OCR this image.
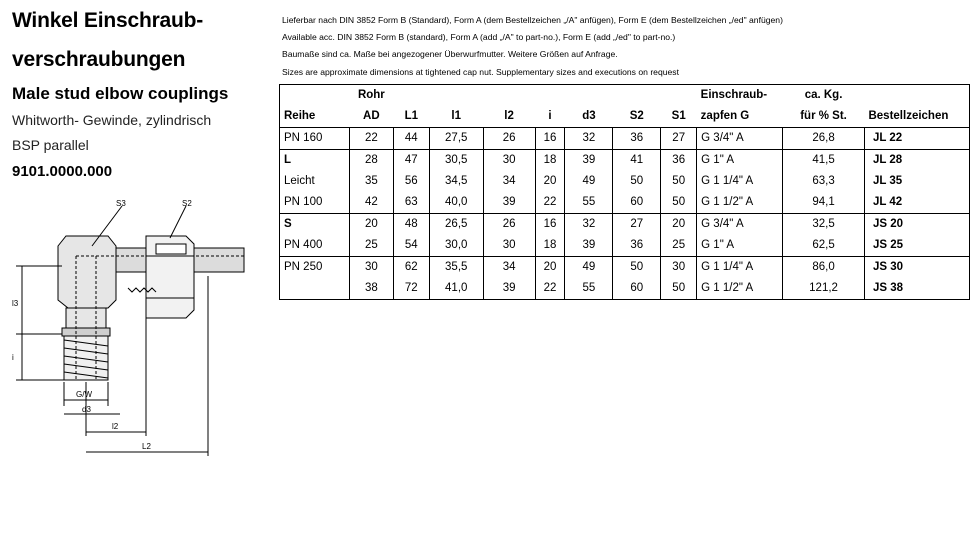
Winkel Einschraub-
verschraubungen
Male stud elbow couplings
Whitworth- Gewinde, zylindrisch
BSP parallel
9101.0000.000
S3	S2
l3
i
G/W
d3
l2
L2
Lieferbar nach DIN 3852 Form B (Standard), Form A (dem Bestellzeichen „/A" anfügen), Form E (dem Bestellzeichen „/ed" anfügen)
Available acc. DIN 3852 Form B (standard), Form A (add „/A" to part-no.), Form E (add „/ed" to part-no.)
Baumaße sind ca. Maße bei angezogener Überwurfmutter. Weitere Größen auf Anfrage.
Sizes are approximate dimensions at tightened cap nut. Supplementary sizes and executions on request
	Rohr								Einschraub-	ca. Kg.	
Reihe	AD	L1	l1	l2	i	d3	S2	S1	zapfen G	für % St.	Bestellzeichen
PN 160	22	44	27,5	26	16	32	36	27	G 3/4" A	26,8	JL 22
L	28	47	30,5	30	18	39	41	36	G 1" A	41,5	JL 28
Leicht	35	56	34,5	34	20	49	50	50	G 1 1/4" A	63,3	JL 35
PN 100	42	63	40,0	39	22	55	60	50	G 1 1/2" A	94,1	JL 42
S	20	48	26,5	26	16	32	27	20	G 3/4" A	32,5	JS 20
PN 400	25	54	30,0	30	18	39	36	25	G 1" A	62,5	JS 25
PN 250	30	62	35,5	34	20	49	50	30	G 1 1/4" A	86,0	JS 30
	38	72	41,0	39	22	55	60	50	G 1 1/2" A	121,2	JS 38
